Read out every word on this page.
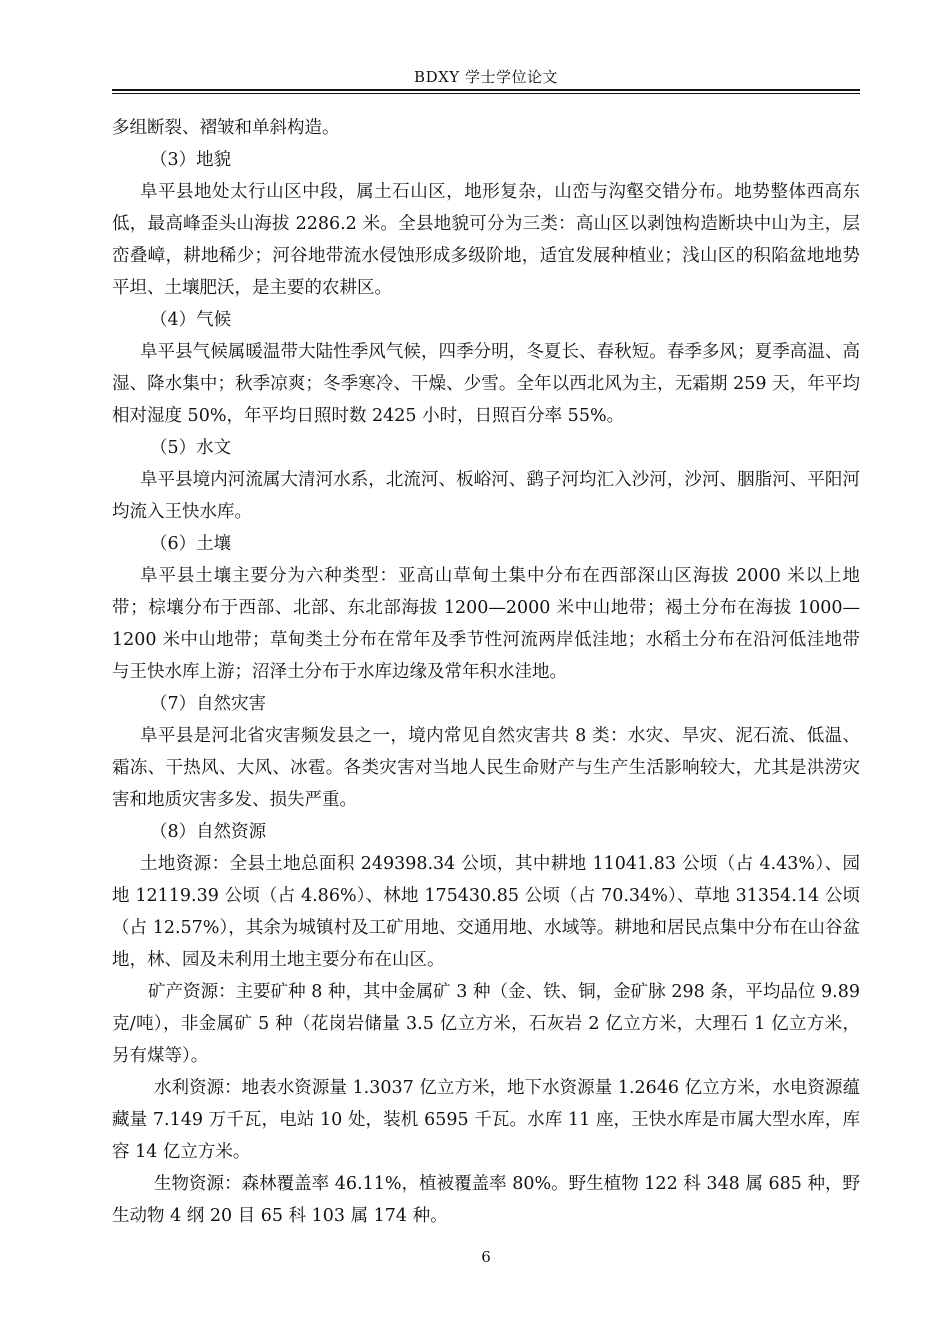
BDXY 学士学位论文

多组断裂、褶皱和单斜构造。

（3）地貌

阜平县地处太行山区中段，属土石山区，地形复杂，山峦与沟壑交错分布。地势整体西高东低，最高峰歪头山海拔 2286.2 米。全县地貌可分为三类：高山区以剥蚀构造断块中山为主，层峦叠嶂，耕地稀少；河谷地带流水侵蚀形成多级阶地，适宜发展种植业；浅山区的积陷盆地地势平坦、土壤肥沃，是主要的农耕区。

（4）气候

阜平县气候属暖温带大陆性季风气候，四季分明，冬夏长、春秋短。春季多风；夏季高温、高湿、降水集中；秋季凉爽；冬季寒冷、干燥、少雪。全年以西北风为主，无霜期 259 天，年平均相对湿度 50%，年平均日照时数 2425 小时，日照百分率 55%。

（5）水文

阜平县境内河流属大清河水系，北流河、板峪河、鹞子河均汇入沙河，沙河、胭脂河、平阳河均流入王快水库。

（6）土壤

阜平县土壤主要分为六种类型：亚高山草甸土集中分布在西部深山区海拔 2000 米以上地带；棕壤分布于西部、北部、东北部海拔 1200—2000 米中山地带；褐土分布在海拔 1000—1200 米中山地带；草甸类土分布在常年及季节性河流两岸低洼地；水稻土分布在沿河低洼地带与王快水库上游；沼泽土分布于水库边缘及常年积水洼地。

（7）自然灾害

阜平县是河北省灾害频发县之一，境内常见自然灾害共 8 类：水灾、旱灾、泥石流、低温、霜冻、干热风、大风、冰雹。各类灾害对当地人民生命财产与生产生活影响较大，尤其是洪涝灾害和地质灾害多发、损失严重。

（8）自然资源

土地资源：全县土地总面积 249398.34 公顷，其中耕地 11041.83 公顷（占 4.43%）、园地 12119.39 公顷（占 4.86%）、林地 175430.85 公顷（占 70.34%）、草地 31354.14 公顷（占 12.57%），其余为城镇村及工矿用地、交通用地、水域等。耕地和居民点集中分布在山谷盆地，林、园及未利用土地主要分布在山区。

矿产资源：主要矿种 8 种，其中金属矿 3 种（金、铁、铜，金矿脉 298 条，平均品位 9.89 克/吨），非金属矿 5 种（花岗岩储量 3.5 亿立方米，石灰岩 2 亿立方米，大理石 1 亿立方米，另有煤等）。

水利资源：地表水资源量 1.3037 亿立方米，地下水资源量 1.2646 亿立方米，水电资源蕴藏量 7.149 万千瓦，电站 10 处，装机 6595 千瓦。水库 11 座，王快水库是市属大型水库，库容 14 亿立方米。

生物资源：森林覆盖率 46.11%，植被覆盖率 80%。野生植物 122 科 348 属 685 种，野生动物 4 纲 20 目 65 科 103 属 174 种。

6
